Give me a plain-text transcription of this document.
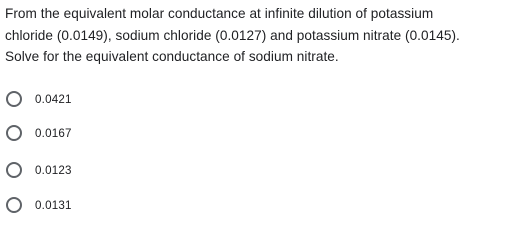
From the equivalent molar conductance at infinite dilution of potassium
chloride (0.0149), sodium chloride (0.0127) and potassium nitrate (0.0145).
Solve for the equivalent conductance of sodium nitrate.
0.0421
0.0167
0.0123
0.0131
